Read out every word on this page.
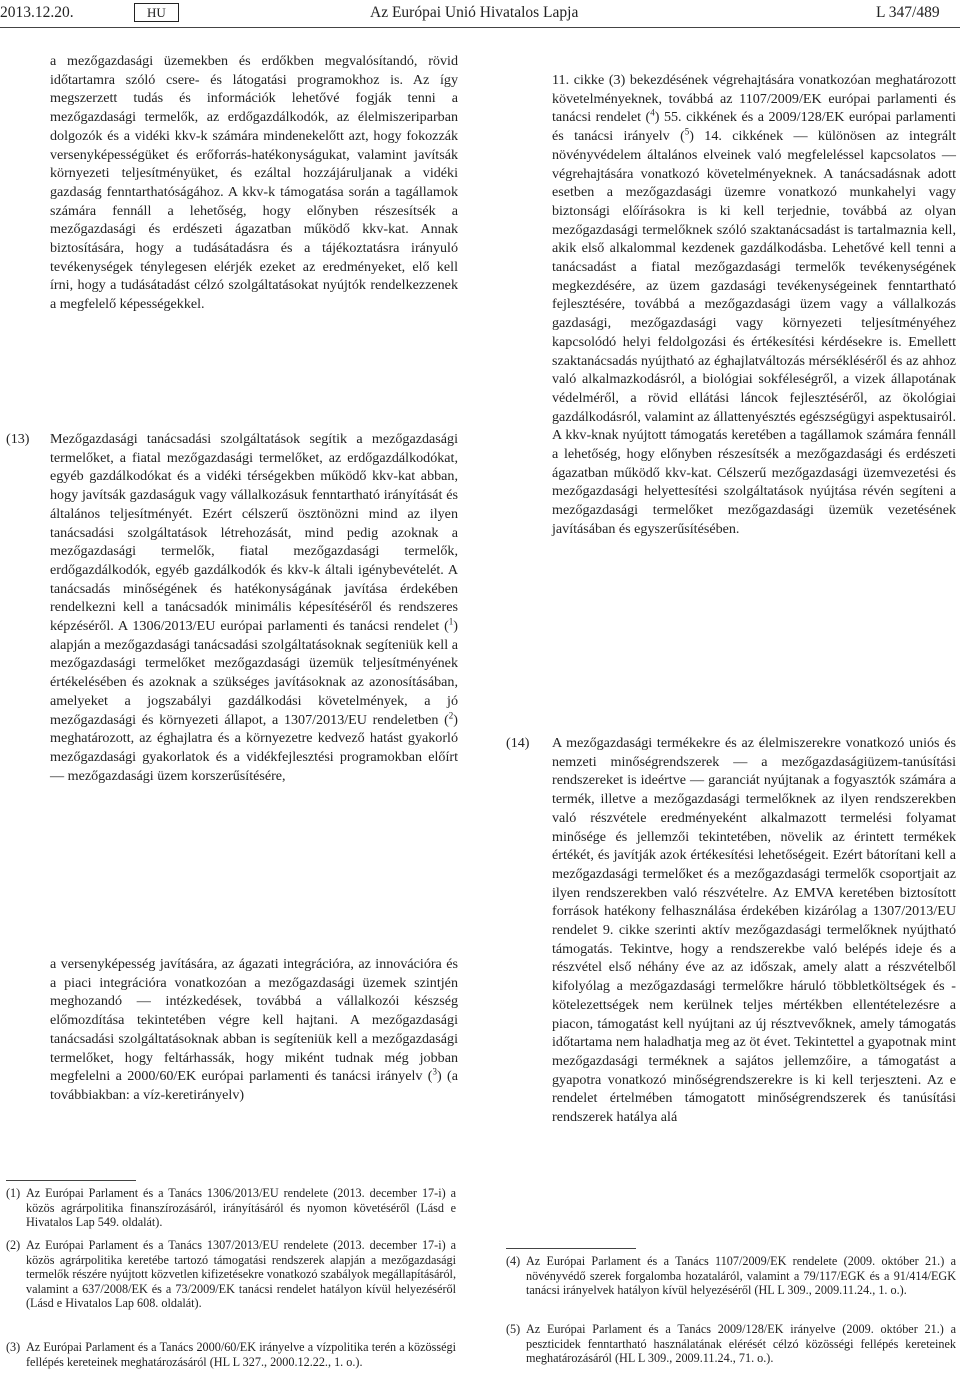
2013.12.20.	HU	Az Európai Unió Hivatalos Lapja	L 347/489

a mezőgazdasági üzemekben és erdőkben megvalósítandó, rövid időtartamra szóló csere- és látogatási programokhoz is. Az így megszerzett tudás és információk lehetővé fogják tenni a mezőgazdasági termelők, az erdőgazdálkodók, az élelmiszeriparban dolgozók és a vidéki kkv-k számára mindenekelőtt azt, hogy fokozzák versenyképességüket és erőforrás-hatékonyságukat, valamint javítsák környezeti teljesítményüket, és ezáltal hozzájáruljanak a vidéki gazdaság fenntarthatóságához. A kkv-k támogatása során a tagállamok számára fennáll a lehetőség, hogy előnyben részesítsék a mezőgazdasági és erdészeti ágazatban működő kkv-kat. Annak biztosítására, hogy a tudásátadásra és a tájékoztatásra irányuló tevékenységek ténylegesen elérjék ezeket az eredményeket, elő kell írni, hogy a tudásátadást célzó szolgáltatásokat nyújtók rendelkezzenek a megfelelő képességekkel.

(13) Mezőgazdasági tanácsadási szolgáltatások segítik a mezőgazdasági termelőket, a fiatal mezőgazdasági termelőket, az erdőgazdálkodókat, egyéb gazdálkodókat és a vidéki térségekben működő kkv-kat abban, hogy javítsák gazdaságuk vagy vállalkozásuk fenntartható irányítását és általános teljesítményét. Ezért célszerű ösztönözni mind az ilyen tanácsadási szolgáltatások létrehozását, mind pedig azoknak a mezőgazdasági termelők, fiatal mezőgazdasági termelők, erdőgazdálkodók, egyéb gazdálkodók és kkv-k általi igénybevételét. A tanácsadás minőségének és hatékonyságának javítása érdekében rendelkezni kell a tanácsadók minimális képesítéséről és rendszeres képzéséről. A 1306/2013/EU európai parlamenti és tanácsi rendelet ($^1$) alapján a mezőgazdasági tanácsadási szolgáltatásoknak segíteniük kell a mezőgazdasági termelőket mezőgazdasági üzemük teljesítményének értékelésében és azoknak a szükséges javításoknak az azonosításában, amelyeket a jogszabályi gazdálkodási követelmények, a jó mezőgazdasági és környezeti állapot, a 1307/2013/EU rendeletben ($^2$) meghatározott, az éghajlatra és a környezetre kedvező hatást gyakorló mezőgazdasági gyakorlatok és a vidékfejlesztési programokban előírt — mezőgazdasági üzem korszerűsítésére,

a versenyképesség javítására, az ágazati integrációra, az innovációra és a piaci integrációra vonatkozóan a mezőgazdasági üzemek szintjén meghozandó — intézkedések, továbbá a vállalkozói készség előmozdítása tekintetében végre kell hajtani. A mezőgazdasági tanácsadási szolgáltatásoknak abban is segíteniük kell a mezőgazdasági termelőket, hogy feltárhassák, hogy miként tudnak még jobban megfelelni a 2000/60/EK európai parlamenti és tanácsi irányelv ($^3$) (a továbbiakban: a víz-keretirányelv)

(1) Az Európai Parlament és a Tanács 1306/2013/EU rendelete (2013. december 17-i) a közös agrárpolitika finanszírozásáról, irányításáról és nyomon követéséről (Lásd e Hivatalos Lap 549. oldalát).
(2) Az Európai Parlament és a Tanács 1307/2013/EU rendelete (2013. december 17-i) a közös agrárpolitika keretébe tartozó támogatási rendszerek alapján a mezőgazdasági termelők részére nyújtott közvetlen kifizetésekre vonatkozó szabályok megállapításáról, valamint a 637/2008/EK és a 73/2009/EK tanácsi rendelet hatályon kívül helyezéséről (Lásd e Hivatalos Lap 608. oldalát).
(3) Az Európai Parlament és a Tanács 2000/60/EK irányelve a vízpolitika terén a közösségi fellépés kereteinek meghatározásáról (HL L 327., 2000.12.22., 1. o.).

11. cikke (3) bekezdésének végrehajtására vonatkozóan meghatározott követelményeknek, továbbá az 1107/2009/EK európai parlamenti és tanácsi rendelet ($^4$) 55. cikkének és a 2009/128/EK európai parlamenti és tanácsi irányelv ($^5$) 14. cikkének — különösen az integrált növényvédelem általános elveinek való megfeleléssel kapcsolatos — végrehajtására vonatkozó követelményeknek. A tanácsadásnak adott esetben a mezőgazdasági üzemre vonatkozó munkahelyi vagy biztonsági előírásokra is ki kell terjednie, továbbá az olyan mezőgazdasági termelőknek szóló szaktanácsadást is tartalmaznia kell, akik első alkalommal kezdenek gazdálkodásba. Lehetővé kell tenni a tanácsadást a fiatal mezőgazdasági termelők tevékenységének megkezdésére, az üzem gazdasági tevékenységeinek fenntartható fejlesztésére, továbbá a mezőgazdasági üzem vagy a vállalkozás gazdasági, mezőgazdasági vagy környezeti teljesítményéhez kapcsolódó helyi feldolgozási és értékesítési kérdésekre is. Emellett szaktanácsadás nyújtható az éghajlatváltozás mérsékléséről és az ahhoz való alkalmazkodásról, a biológiai sokféleségről, a vizek állapotának védelméről, a rövid ellátási láncok fejlesztéséről, az ökológiai gazdálkodásról, valamint az állattenyésztés egészségügyi aspektusairól. A kkv-knak nyújtott támogatás keretében a tagállamok számára fennáll a lehetőség, hogy előnyben részesítsék a mezőgazdasági és erdészeti ágazatban működő kkv-kat. Célszerű mezőgazdasági üzemvezetési és mezőgazdasági helyettesítési szolgáltatások nyújtása révén segíteni a mezőgazdasági termelőket mezőgazdasági üzemük vezetésének javításában és egyszerűsítésében.

(14) A mezőgazdasági termékekre és az élelmiszerekre vonatkozó uniós és nemzeti minőségrendszerek — a mezőgazdaságiüzem-tanúsítási rendszereket is ideértve — garanciát nyújtanak a fogyasztók számára a termék, illetve a mezőgazdasági termelőknek az ilyen rendszerekben való részvétele eredményeként alkalmazott termelési folyamat minősége és jellemzői tekintetében, növelik az érintett termékek értékét, és javítják azok értékesítési lehetőségeit. Ezért bátorítani kell a mezőgazdasági termelőket és a mezőgazdasági termelők csoportjait az ilyen rendszerekben való részvételre. Az EMVA keretében biztosított források hatékony felhasználása érdekében kizárólag a 1307/2013/EU rendelet 9. cikke szerinti aktív mezőgazdasági termelőknek nyújtható támogatás. Tekintve, hogy a rendszerekbe való belépés ideje és a részvétel első néhány éve az az időszak, amely alatt a részvételből kifolyólag a mezőgazdasági termelőkre háruló többletköltségek és -kötelezettségek nem kerülnek teljes mértékben ellentételezésre a piacon, támogatást kell nyújtani az új résztvevőknek, amely támogatás időtartama nem haladhatja meg az öt évet. Tekintettel a gyapotnak mint mezőgazdasági terméknek a sajátos jellemzőire, a támogatást a gyapotra vonatkozó minőségrendszerekre is ki kell terjeszteni. Az e rendelet értelmében támogatott minőségrendszerek és tanúsítási rendszerek hatálya alá

(4) Az Európai Parlament és a Tanács 1107/2009/EK rendelete (2009. október 21.) a növényvédő szerek forgalomba hozataláról, valamint a 79/117/EGK és a 91/414/EGK tanácsi irányelvek hatályon kívül helyezéséről (HL L 309., 2009.11.24., 1. o.).
(5) Az Európai Parlament és a Tanács 2009/128/EK irányelve (2009. október 21.) a peszticidek fenntartható használatának elérését célzó közösségi fellépés kereteinek meghatározásáról (HL L 309., 2009.11.24., 71. o.).
